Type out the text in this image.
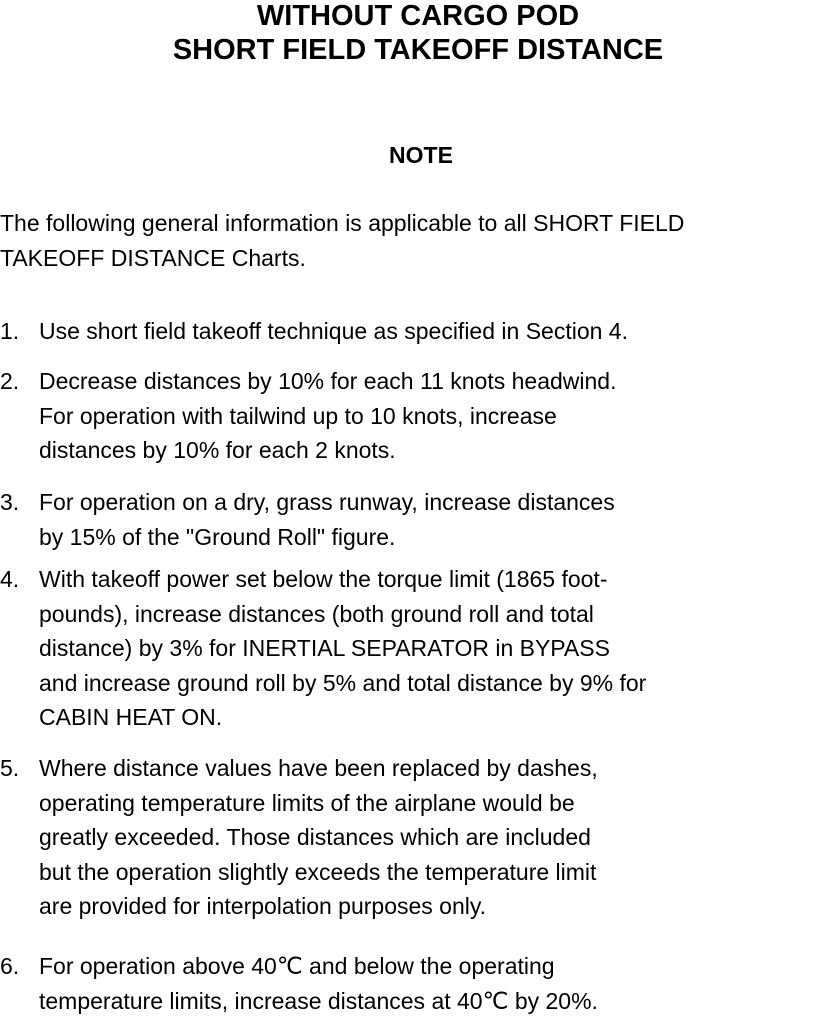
WITHOUT CARGO POD
SHORT FIELD TAKEOFF DISTANCE
NOTE

The following general information is applicable to all SHORT FIELD
TAKEOFF DISTANCE Charts.

1. Use short field takeoff technique as specified in Section 4.
2. Decrease distances by 10% for each 11 knots headwind.
For operation with tailwind up to 10 knots, increase
distances by 10% for each 2 knots.
3. For operation on a dry, grass runway, increase distances
by 15% of the "Ground Roll" figure.
4. With takeoff power set below the torque limit (1865 foot-
pounds), increase distances (both ground roll and total
distance) by 3% for INERTIAL SEPARATOR in BYPASS
and increase ground roll by 5% and total distance by 9% for
CABIN HEAT ON.
5. Where distance values have been replaced by dashes,
operating temperature limits of the airplane would be
greatly exceeded. Those distances which are included
but the operation slightly exceeds the temperature limit
are provided for interpolation purposes only.
6. For operation above 40℃ and below the operating
temperature limits, increase distances at 40℃ by 20%.
